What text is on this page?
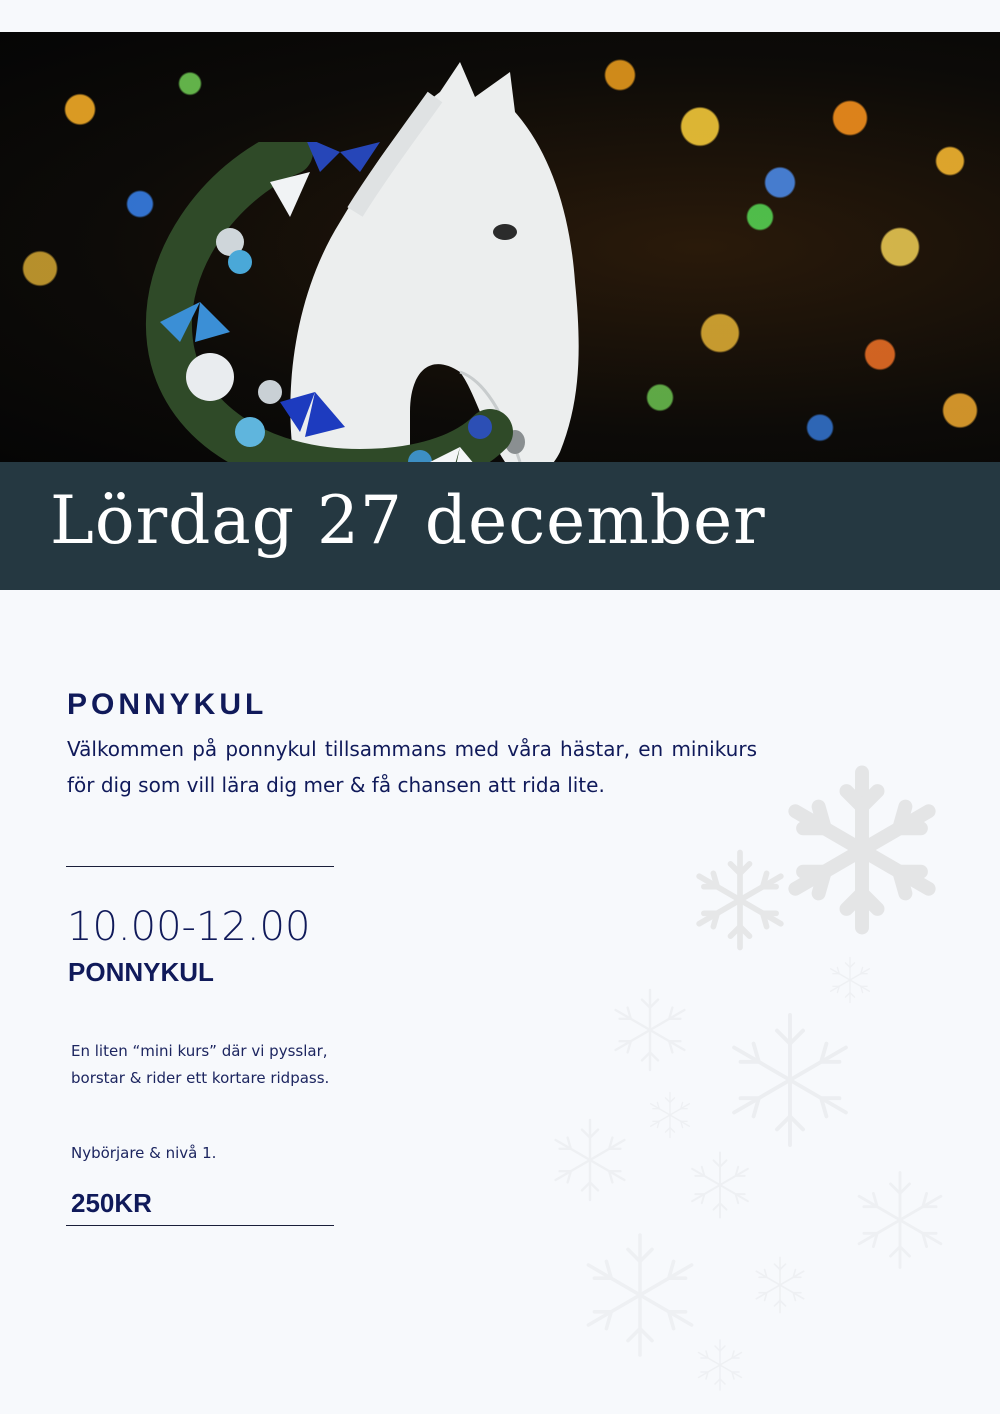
Lördag 27 december
PONNYKUL

Välkommen på ponnykul tillsammans med våra hästar, en minikurs för dig som vill lära dig mer & få chansen att rida lite.

10.00-12.00

PONNYKUL

En liten “mini kurs” där vi pysslar, borstar & rider ett kortare ridpass.

Nybörjare & nivå 1.

250KR
